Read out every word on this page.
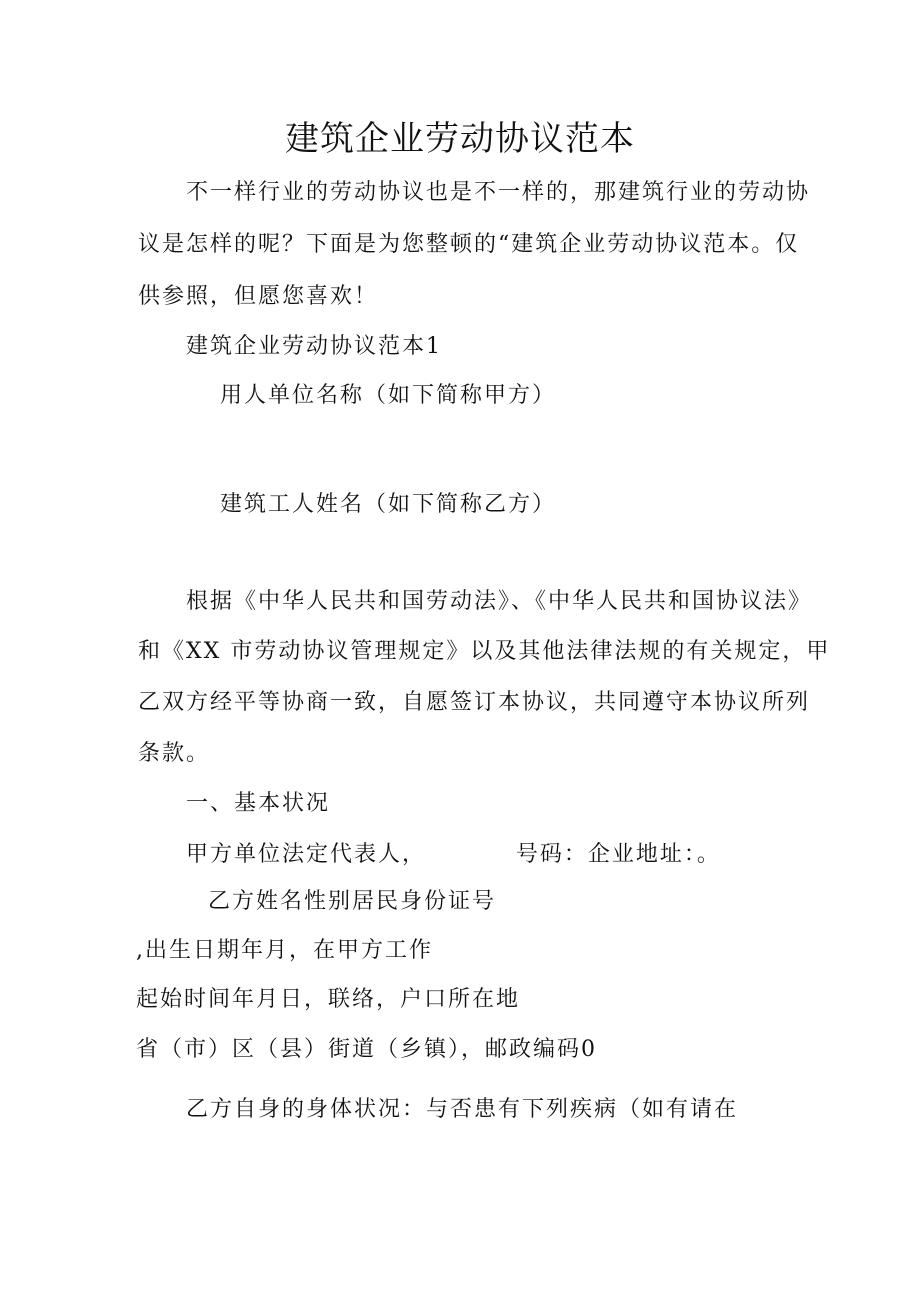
建筑企业劳动协议范本

不一样行业的劳动协议也是不一样的，那建筑行业的劳动协

议是怎样的呢？下面是为您整顿的“建筑企业劳动协议范本。仅

供参照，但愿您喜欢！

建筑企业劳动协议范本1

用人单位名称（如下简称甲方）

建筑工人姓名（如下简称乙方）

根据《中华人民共和国劳动法》、《中华人民共和国协议法》

和《XX 市劳动协议管理规定》以及其他法律法规的有关规定，甲

乙双方经平等协商一致，自愿签订本协议，共同遵守本协议所列

条款。

一、基本状况

甲方单位法定代表人，          号码：企业地址：。

乙方姓名性别居民身份证号

,出生日期年月，在甲方工作

起始时间年月日，联络，户口所在地

省（市）区（县）街道（乡镇），邮政编码0

乙方自身的身体状况：与否患有下列疾病（如有请在
